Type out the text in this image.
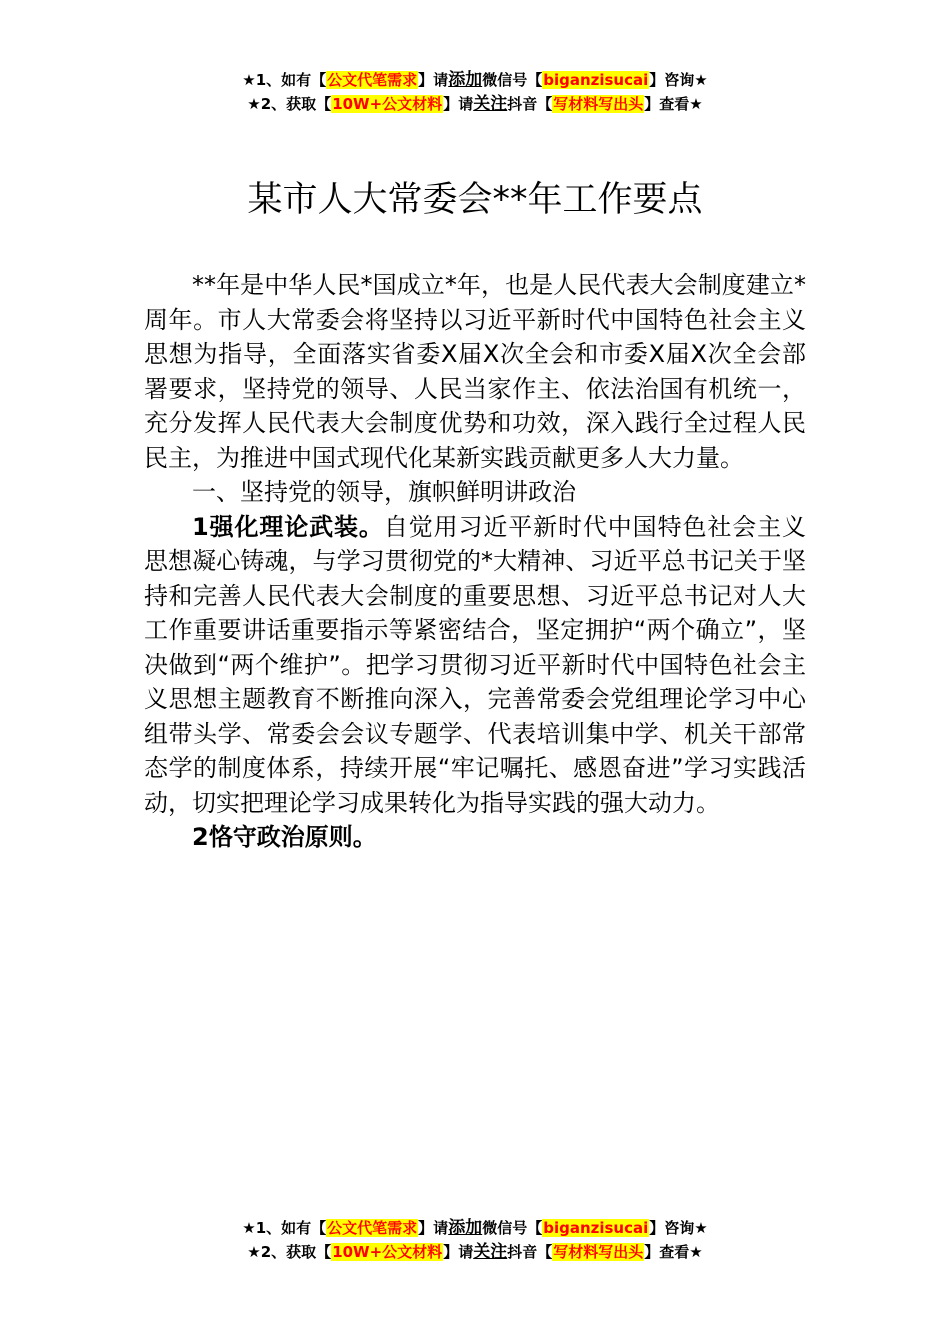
★1、如有【公文代笔需求】请添加微信号【biganzisucai】咨询★
★2、获取【10W+公文材料】请关注抖音【写材料写出头】查看★
某市人大常委会**年工作要点

**年是中华人民*国成立*年，也是人民代表大会制度建立*周年。市人大常委会将坚持以习近平新时代中国特色社会主义思想为指导，全面落实省委X届X次全会和市委X届X次全会部署要求，坚持党的领导、人民当家作主、依法治国有机统一，充分发挥人民代表大会制度优势和功效，深入践行全过程人民民主，为推进中国式现代化某新实践贡献更多人大力量。

一、坚持党的领导，旗帜鲜明讲政治

1强化理论武装。自觉用习近平新时代中国特色社会主义思想凝心铸魂，与学习贯彻党的*大精神、习近平总书记关于坚持和完善人民代表大会制度的重要思想、习近平总书记对人大工作重要讲话重要指示等紧密结合，坚定拥护“两个确立”，坚决做到“两个维护”。把学习贯彻习近平新时代中国特色社会主义思想主题教育不断推向深入，完善常委会党组理论学习中心组带头学、常委会会议专题学、代表培训集中学、机关干部常态学的制度体系，持续开展“牢记嘱托、感恩奋进”学习实践活动，切实把理论学习成果转化为指导实践的强大动力。

2恪守政治原则。

★1、如有【公文代笔需求】请添加微信号【biganzisucai】咨询★
★2、获取【10W+公文材料】请关注抖音【写材料写出头】查看★
